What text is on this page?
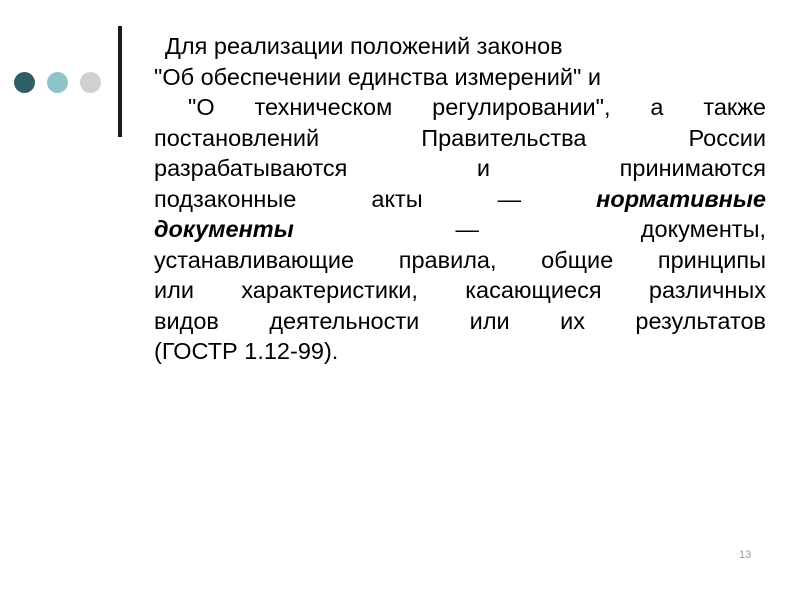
Для реализации положений законов
"Об обеспечении единства измерений" и
"О техническом регулировании", а также
постановлений Правительства России
разрабатываются и принимаются
подзаконные акты — нормативные
документы	— документы,
устанавливающие правила, общие принципы
или характеристики, касающиеся различных
видов деятельности или их результатов
(ГОСТР 1.12-99).
13
